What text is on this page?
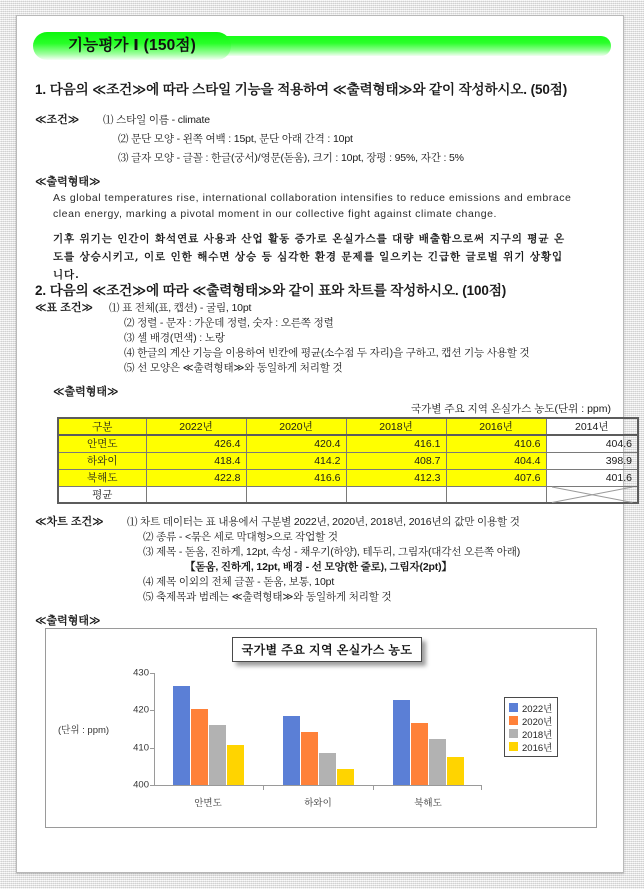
기능평가 Ⅰ (150점)
1. 다음의 ≪조건≫에 따라 스타일 기능을 적용하여 ≪출력형태≫와 같이 작성하시오. (50점)
≪조건≫ ⑴ 스타일 이름 - climate
⑵ 문단 모양 - 왼쪽 여백 : 15pt, 문단 아래 간격 : 10pt
⑶ 글자 모양 - 글꼴 : 한글(궁서)/영문(돋움), 크기 : 10pt, 장평 : 95%, 자간 : 5%
≪출력형태≫
As global temperatures rise, international collaboration intensifies to reduce emissions and embrace clean energy, marking a pivotal moment in our collective fight against climate change.
기후 위기는 인간이 화석연료 사용과 산업 활동 증가로 온실가스를 대량 배출함으로써 지구의 평균 온도를 상승시키고, 이로 인한 해수면 상승 등 심각한 환경 문제를 일으키는 긴급한 글로벌 위기 상황입니다.
2. 다음의 ≪조건≫에 따라 ≪출력형태≫와 같이 표와 차트를 작성하시오. (100점)
≪표 조건≫ ⑴ 표 전체(표, 캡션) - 굴림, 10pt
⑵ 정렬 - 문자 : 가운데 정렬, 숫자 : 오른쪽 정렬
⑶ 셀 배경(면색) : 노랑
⑷ 한글의 계산 기능을 이용하여 빈칸에 평균(소수점 두 자리)을 구하고, 캡션 기능 사용할 것
⑸ 선 모양은 ≪출력형태≫와 동일하게 처리할 것
≪출력형태≫
국가별 주요 지역 온실가스 농도(단위 : ppm)
구분	2022년	2020년	2018년	2016년	2014년
안면도	426.4	420.4	416.1	410.6	404.6
하와이	418.4	414.2	408.7	404.4	398.9
북해도	422.8	416.6	412.3	407.6	401.6
평균					
≪차트 조건≫ ⑴ 차트 데이터는 표 내용에서 구분별 2022년, 2020년, 2018년, 2016년의 값만 이용할 것
⑵ 종류 - <묶은 세로 막대형>으로 작업할 것
⑶ 제목 - 돋움, 진하게, 12pt, 속성 - 채우기(하양), 테두리, 그림자(대각선 오른쪽 아래)
【돋움, 진하게, 12pt, 배경 - 선 모양(한 줄로), 그림자(2pt)】
⑷ 제목 이외의 전체 글꼴 - 돋움, 보통, 10pt
⑸ 축제목과 범례는 ≪출력형태≫와 동일하게 처리할 것
≪출력형태≫
국가별 주요 지역 온실가스 농도
(단위 : ppm)
400
410
420
430
안면도	하와이	북해도
2022년
2020년
2018년
2016년
